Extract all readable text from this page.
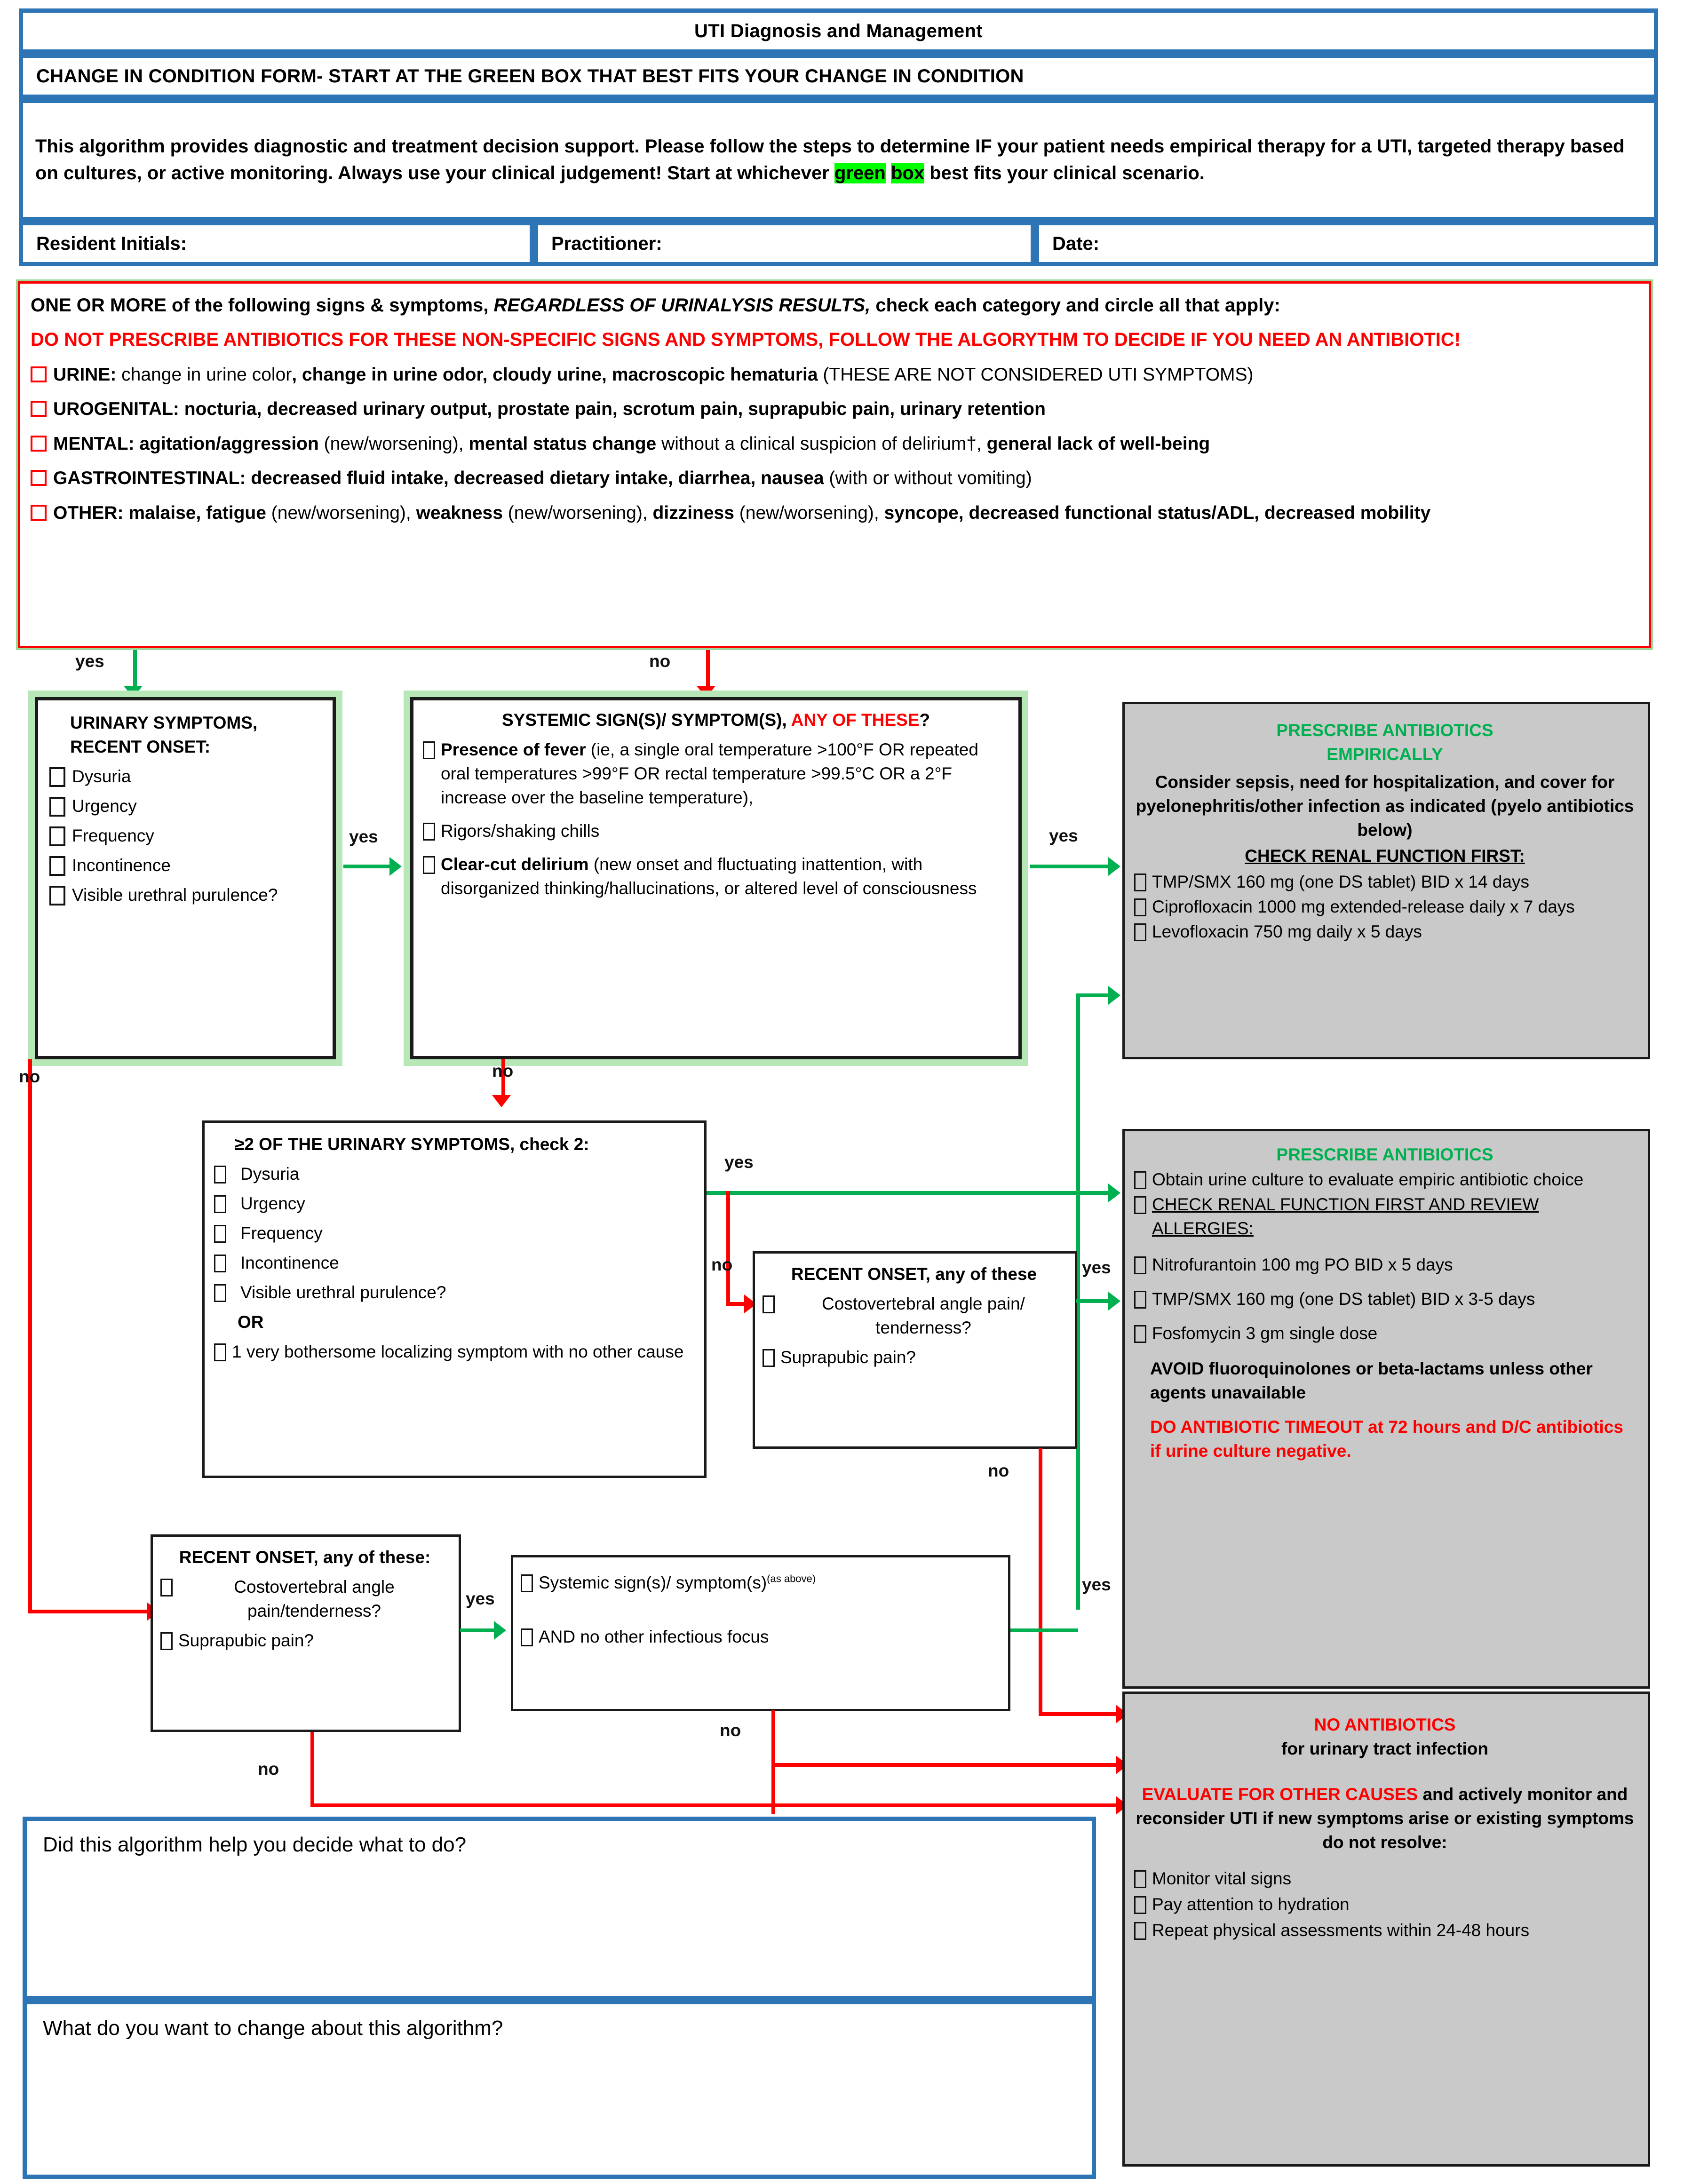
UTI Diagnosis and Management
CHANGE IN CONDITION FORM- START AT THE GREEN BOX THAT BEST FITS YOUR CHANGE IN CONDITION
This algorithm provides diagnostic and treatment decision support. Please follow the steps to determine IF your patient needs empirical therapy for a UTI, targeted therapy based on cultures, or active monitoring. Always use your clinical judgement! Start at whichever green box best fits your clinical scenario.
Resident Initials:	Practitioner:	Date:
ONE OR MORE of the following signs & symptoms, REGARDLESS OF URINALYSIS RESULTS, check each category and circle all that apply:
DO NOT PRESCRIBE ANTIBIOTICS FOR THESE NON-SPECIFIC SIGNS AND SYMPTOMS, FOLLOW THE ALGORYTHM TO DECIDE IF YOU NEED AN ANTIBIOTIC!
URINE: change in urine color, change in urine odor, cloudy urine, macroscopic hematuria (THESE ARE NOT CONSIDERED UTI SYMPTOMS)
UROGENITAL: nocturia, decreased urinary output, prostate pain, scrotum pain, suprapubic pain, urinary retention
MENTAL: agitation/aggression (new/worsening), mental status change without a clinical suspicion of delirium†, general lack of well-being
GASTROINTESTINAL: decreased fluid intake, decreased dietary intake, diarrhea, nausea (with or without vomiting)
OTHER: malaise, fatigue (new/worsening), weakness (new/worsening), dizziness (new/worsening), syncope, decreased functional status/ADL, decreased mobility
yes	no
URINARY SYMPTOMS, RECENT ONSET:
Dysuria
Urgency
Frequency
Incontinence
Visible urethral purulence?
yes
no
SYSTEMIC SIGN(S)/ SYMPTOM(S), ANY OF THESE?
Presence of fever (ie, a single oral temperature >100°F OR repeated oral temperatures >99°F OR rectal temperature >99.5°C OR a 2°F increase over the baseline temperature),
Rigors/shaking chills
Clear-cut delirium (new onset and fluctuating inattention, with disorganized thinking/hallucinations, or altered level of consciousness
yes
no
PRESCRIBE ANTIBIOTICS
EMPIRICALLY
Consider sepsis, need for hospitalization, and cover for pyelonephritis/other infection as indicated (pyelo antibiotics below)
CHECK RENAL FUNCTION FIRST:
TMP/SMX 160 mg (one DS tablet) BID x 14 days
Ciprofloxacin 1000 mg extended-release daily x 7 days
Levofloxacin 750 mg daily x 5 days
≥2 OF THE URINARY SYMPTOMS, check 2:
Dysuria
Urgency
Frequency
Incontinence
Visible urethral purulence?
OR
1 very bothersome localizing symptom with no other cause
yes
no	RECENT ONSET, any of these
Costovertebral angle pain/ tenderness?
Suprapubic pain?
yes
no
PRESCRIBE ANTIBIOTICS
Obtain urine culture to evaluate empiric antibiotic choice
CHECK RENAL FUNCTION FIRST AND REVIEW ALLERGIES:
Nitrofurantoin 100 mg PO BID x 5 days
TMP/SMX 160 mg (one DS tablet) BID x 3-5 days
Fosfomycin 3 gm single dose
AVOID fluoroquinolones or beta-lactams unless other agents unavailable
DO ANTIBIOTIC TIMEOUT at 72 hours and D/C antibiotics if urine culture negative.
RECENT ONSET, any of these:
Costovertebral angle pain/tenderness?
Suprapubic pain?
yes
no
Systemic sign(s)/ $symptom(s)^{(as above)}$
AND no other infectious focus
yes
no	NO ANTIBIOTICS
for urinary tract infection
EVALUATE FOR OTHER CAUSES and actively monitor and reconsider UTI if new symptoms arise or existing symptoms do not resolve:
Monitor vital signs
Pay attention to hydration
Repeat physical assessments within 24-48 hours
Did this algorithm help you decide what to do?
What do you want to change about this algorithm?
